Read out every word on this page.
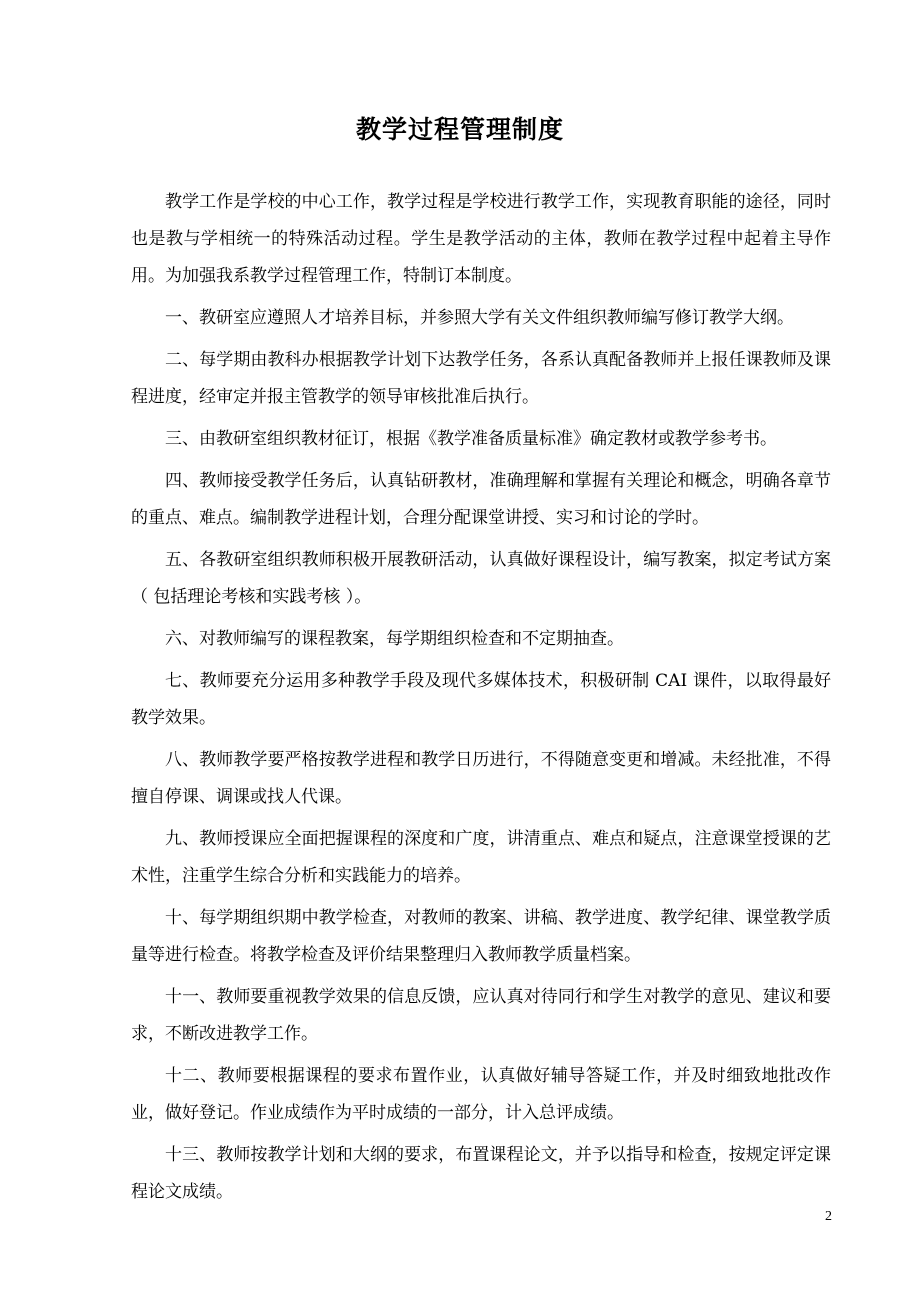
教学过程管理制度

教学工作是学校的中心工作，教学过程是学校进行教学工作，实现教育职能的途径，同时也是教与学相统一的特殊活动过程。学生是教学活动的主体，教师在教学过程中起着主导作用。为加强我系教学过程管理工作，特制订本制度。

一、教研室应遵照人才培养目标，并参照大学有关文件组织教师编写修订教学大纲。

二、每学期由教科办根据教学计划下达教学任务，各系认真配备教师并上报任课教师及课程进度，经审定并报主管教学的领导审核批准后执行。

三、由教研室组织教材征订，根据《教学准备质量标准》确定教材或教学参考书。

四、教师接受教学任务后，认真钻研教材，准确理解和掌握有关理论和概念，明确各章节的重点、难点。编制教学进程计划，合理分配课堂讲授、实习和讨论的学时。

五、各教研室组织教师积极开展教研活动，认真做好课程设计，编写教案，拟定考试方案（ 包括理论考核和实践考核 ）。

六、对教师编写的课程教案，每学期组织检查和不定期抽查。

七、教师要充分运用多种教学手段及现代多媒体技术，积极研制 CAI 课件，以取得最好教学效果。

八、教师教学要严格按教学进程和教学日历进行，不得随意变更和增减。未经批准，不得擅自停课、调课或找人代课。

九、教师授课应全面把握课程的深度和广度，讲清重点、难点和疑点，注意课堂授课的艺术性，注重学生综合分析和实践能力的培养。

十、每学期组织期中教学检查，对教师的教案、讲稿、教学进度、教学纪律、课堂教学质量等进行检查。将教学检查及评价结果整理归入教师教学质量档案。

十一、教师要重视教学效果的信息反馈，应认真对待同行和学生对教学的意见、建议和要求，不断改进教学工作。

十二、教师要根据课程的要求布置作业，认真做好辅导答疑工作，并及时细致地批改作业，做好登记。作业成绩作为平时成绩的一部分，计入总评成绩。

十三、教师按教学计划和大纲的要求，布置课程论文，并予以指导和检查，按规定评定课程论文成绩。

2
